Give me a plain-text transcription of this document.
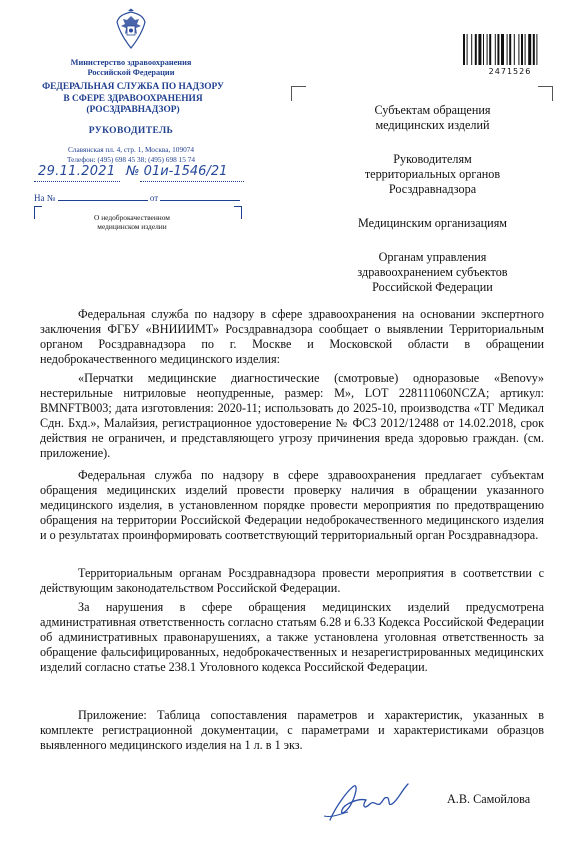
Министерство здравоохранения
Российской Федерации
ФЕДЕРАЛЬНАЯ СЛУЖБА ПО НАДЗОРУ
В СФЕРЕ ЗДРАВООХРАНЕНИЯ
(РОСЗДРАВНАДЗОР)
РУКОВОДИТЕЛЬ
Славянская пл. 4, стр. 1, Москва, 109074
Телефон: (495) 698 45 38; (495) 698 15 74
29.11.2021 № 01и-1546/21
На №	от
О недоброкачественном
медицинском изделии
2471526
Субъектам обращения
медицинских изделий
Руководителям
территориальных органов
Росздравнадзора
Медицинским организациям
Органам управления
здравоохранением субъектов
Российской Федерации
Федеральная служба по надзору в сфере здравоохранения на основании экспертного заключения ФГБУ «ВНИИИМТ» Росздравнадзора сообщает о выявлении Территориальным органом Росздравнадзора по г. Москве и Московской области в обращении недоброкачественного медицинского изделия:
«Перчатки медицинские диагностические (смотровые) одноразовые «Benovy» нестерильные нитриловые неопудренные, размер: M», LOT 228111060NCZA; артикул: BMNFTB003; дата изготовления: 2020-11; использовать до 2025-10, производства «ТГ Медикал Сдн. Бхд.», Малайзия, регистрационное удостоверение № ФСЗ 2012/12488 от 14.02.2018, срок действия не ограничен, и представляющего угрозу причинения вреда здоровью граждан. (см. приложение).
Федеральная служба по надзору в сфере здравоохранения предлагает субъектам обращения медицинских изделий провести проверку наличия в обращении указанного медицинского изделия, в установленном порядке провести мероприятия по предотвращению обращения на территории Российской Федерации недоброкачественного медицинского изделия и о результатах проинформировать соответствующий территориальный орган Росздравнадзора.
Территориальным органам Росздравнадзора провести мероприятия в соответствии с действующим законодательством Российской Федерации.
За нарушения в сфере обращения медицинских изделий предусмотрена административная ответственность согласно статьям 6.28 и 6.33 Кодекса Российской Федерации об административных правонарушениях, а также установлена уголовная ответственность за обращение фальсифицированных, недоброкачественных и незарегистрированных медицинских изделий согласно статье 238.1 Уголовного кодекса Российской Федерации.
Приложение: Таблица сопоставления параметров и характеристик, указанных в комплекте регистрационной документации, с параметрами и характеристиками образцов выявленного медицинского изделия на 1 л. в 1 экз.
А.В. Самойлова
